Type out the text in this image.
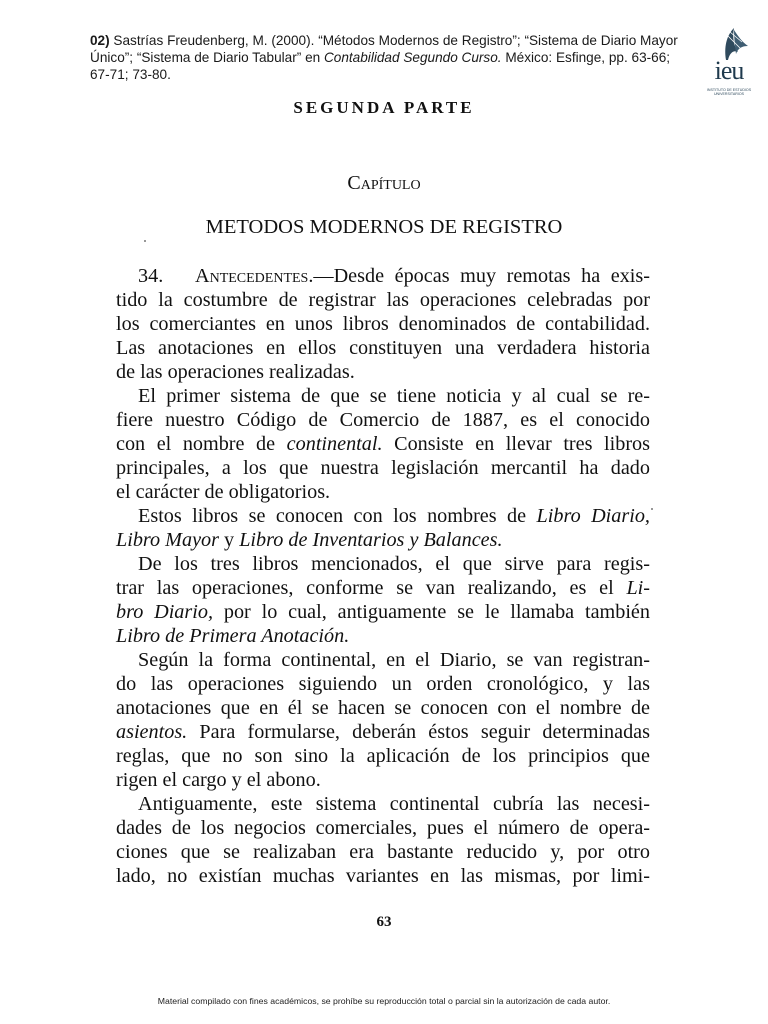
02) Sastrías Freudenberg, M. (2000). “Métodos Modernos de Registro”; “Sistema de Diario Mayor Único”; “Sistema de Diario Tabular” en Contabilidad Segundo Curso. México: Esfinge, pp. 63-66; 67-71; 73-80.	ieu
INSTITUTO DE ESTUDIOS UNIVERSITARIOS
SEGUNDA PARTE
Capítulo
METODOS MODERNOS DE REGISTRO
34. Antecedentes.—Desde épocas muy remotas ha exis-
tido la costumbre de registrar las operaciones celebradas por
los comerciantes en unos libros denominados de contabilidad.
Las anotaciones en ellos constituyen una verdadera historia
de las operaciones realizadas.
El primer sistema de que se tiene noticia y al cual se re-
fiere nuestro Código de Comercio de 1887, es el conocido
con el nombre de continental. Consiste en llevar tres libros
principales, a los que nuestra legislación mercantil ha dado
el carácter de obligatorios.
Estos libros se conocen con los nombres de Libro Diario,
Libro Mayor y Libro de Inventarios y Balances.
De los tres libros mencionados, el que sirve para regis-
trar las operaciones, conforme se van realizando, es el Li-
bro Diario, por lo cual, antiguamente se le llamaba también
Libro de Primera Anotación.
Según la forma continental, en el Diario, se van registran-
do las operaciones siguiendo un orden cronológico, y las
anotaciones que en él se hacen se conocen con el nombre de
asientos. Para formularse, deberán éstos seguir determinadas
reglas, que no son sino la aplicación de los principios que
rigen el cargo y el abono.
Antiguamente, este sistema continental cubría las necesi-
dades de los negocios comerciales, pues el número de opera-
ciones que se realizaban era bastante reducido y, por otro
lado, no existían muchas variantes en las mismas, por limi-
63
Material compilado con fines académicos, se prohíbe su reproducción total o parcial sin la autorización de cada autor.
